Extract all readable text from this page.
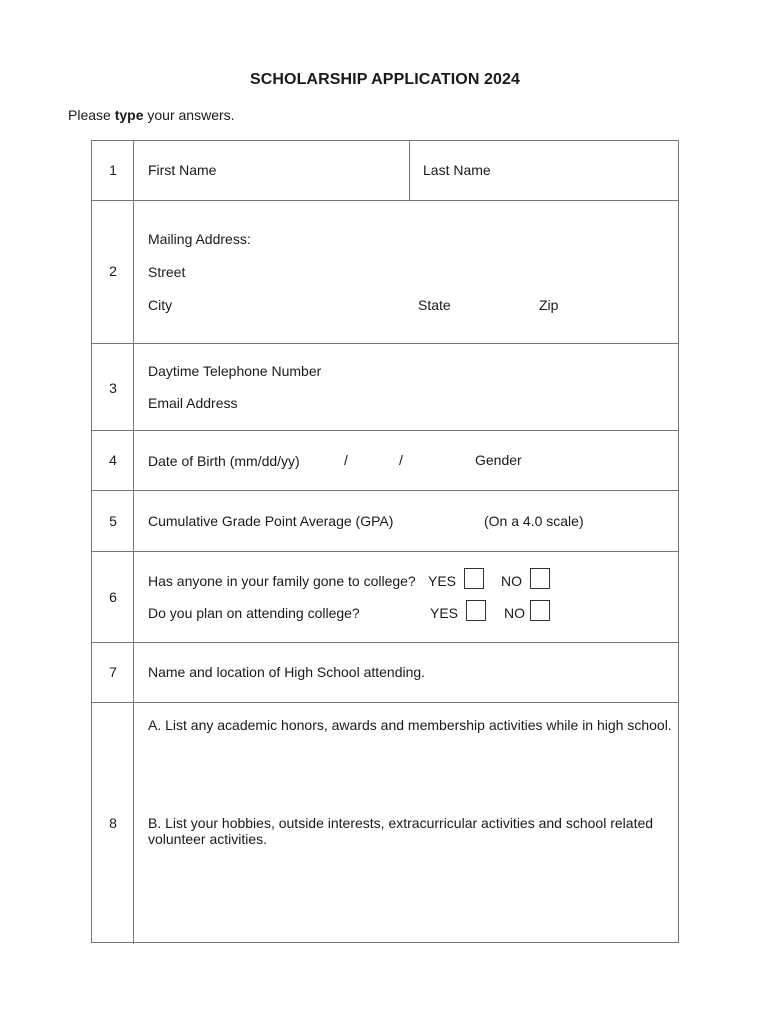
SCHOLARSHIP APPLICATION 2024
Please type your answers.
1	First Name	Last Name
2
Mailing Address:
Street
City	State	Zip
3
Daytime Telephone Number
Email Address
4	Date of Birth (mm/dd/yy)	/	/	Gender
5	Cumulative Grade Point Average (GPA)	(On a 4.0 scale)
6
Has anyone in your family gone to college? YES	NO
Do you plan on attending college?	YES	NO
7	Name and location of High School attending.
8
A. List any academic honors, awards and membership activities while in high school.
B. List your hobbies, outside interests, extracurricular activities and school related volunteer activities.
